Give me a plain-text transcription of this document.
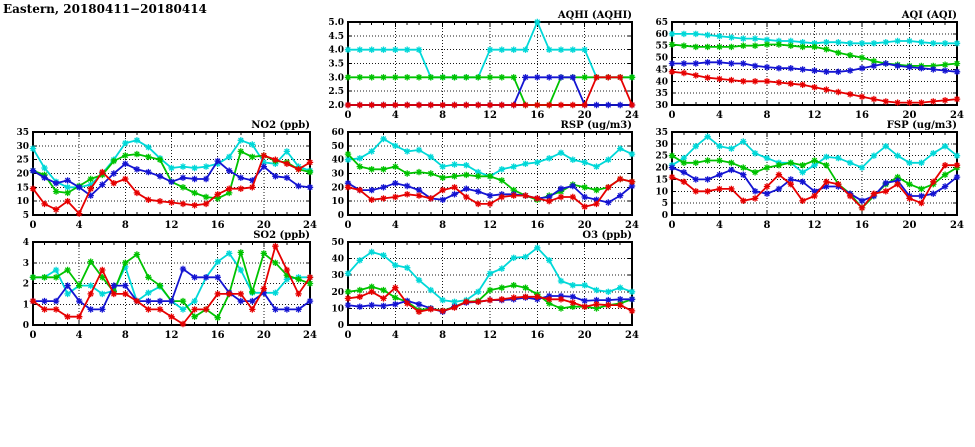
Eastern, 20180411−20180414
2.0
2.5
3.0
3.5
4.0
4.5
5.0
0	4	8	12	16	20	24
AQHI (AQHI)
30
35
40
45
50
55
60
65
0	4	8	12	16	20	24
AQI (AQI)
5
10
15
20
25
30
35
0	4	8	12	16	20	24
NO2 (ppb)
0
10
20
30
40
50
60
0	4	8	12	16	20	24
RSP (ug/m3)
0
5
10
15
20
25
30
35
0	4	8	12	16	20	24
FSP (ug/m3)
0
1
2
3
4
0	4	8	12	16	20	24
SO2 (ppb)
0
10
20
30
40
50
0	4	8	12	16	20	24
O3 (ppb)
